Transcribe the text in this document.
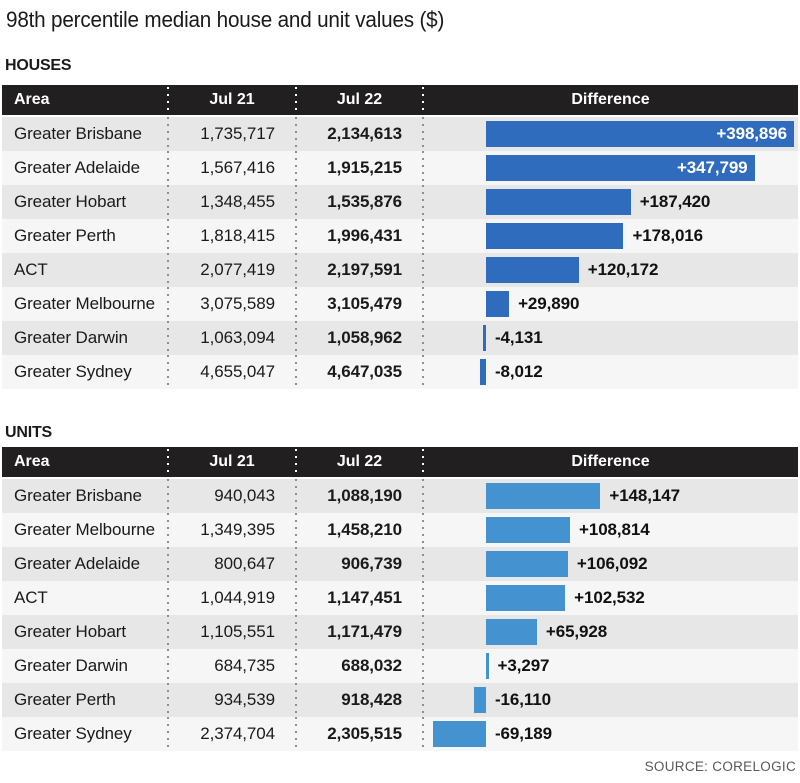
98th percentile median house and unit values ($)
HOUSES
Area	Jul 21	Jul 22	Difference
Greater Brisbane	1,735,717	2,134,613	+398,896
Greater Adelaide	1,567,416	1,915,215	+347,799
Greater Hobart	1,348,455	1,535,876	+187,420
Greater Perth	1,818,415	1,996,431	+178,016
ACT	2,077,419	2,197,591	+120,172
Greater Melbourne	3,075,589	3,105,479	+29,890
Greater Darwin	1,063,094	1,058,962	-4,131
Greater Sydney	4,655,047	4,647,035	-8,012
UNITS
Area	Jul 21	Jul 22	Difference
Greater Brisbane	940,043	1,088,190	+148,147
Greater Melbourne	1,349,395	1,458,210	+108,814
Greater Adelaide	800,647	906,739	+106,092
ACT	1,044,919	1,147,451	+102,532
Greater Hobart	1,105,551	1,171,479	+65,928
Greater Darwin	684,735	688,032	+3,297
Greater Perth	934,539	918,428	-16,110
Greater Sydney	2,374,704	2,305,515	-69,189
SOURCE: CORELOGIC
